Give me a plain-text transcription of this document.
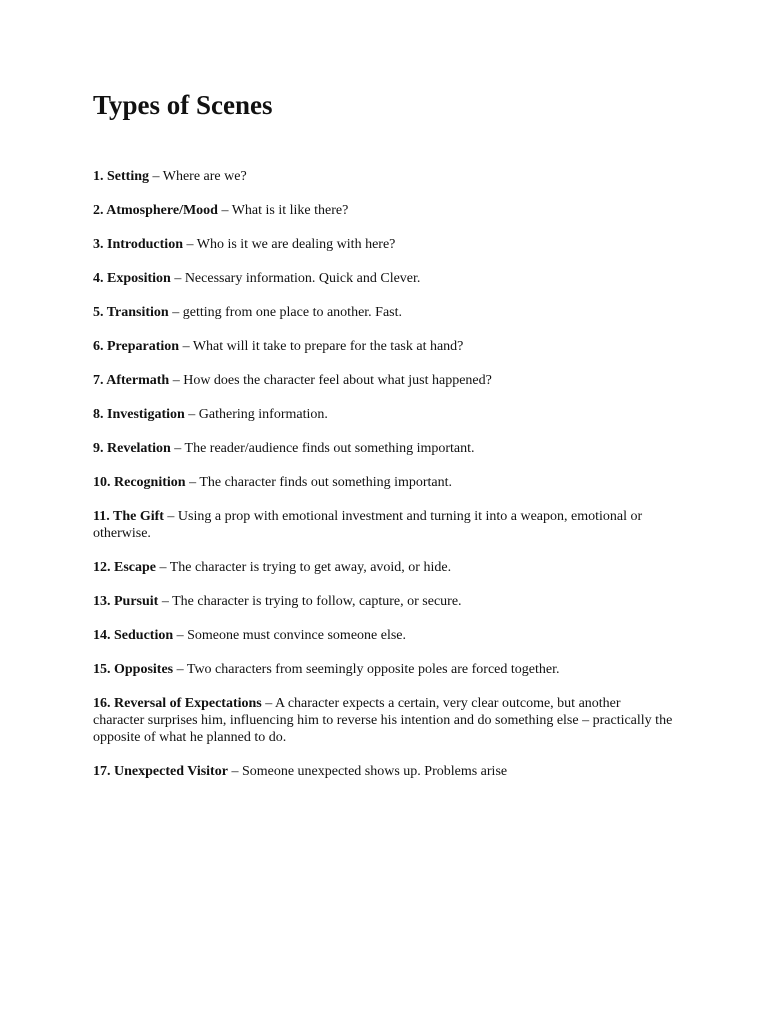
Types of Scenes
1. Setting – Where are we?
2. Atmosphere/Mood – What is it like there?
3. Introduction – Who is it we are dealing with here?
4. Exposition – Necessary information. Quick and Clever.
5. Transition – getting from one place to another. Fast.
6. Preparation – What will it take to prepare for the task at hand?
7. Aftermath – How does the character feel about what just happened?
8. Investigation – Gathering information.
9. Revelation – The reader/audience finds out something important.
10. Recognition – The character finds out something important.
11. The Gift – Using a prop with emotional investment and turning it into a weapon, emotional or otherwise.
12. Escape – The character is trying to get away, avoid, or hide.
13. Pursuit – The character is trying to follow, capture, or secure.
14. Seduction – Someone must convince someone else.
15. Opposites – Two characters from seemingly opposite poles are forced together.
16. Reversal of Expectations – A character expects a certain, very clear outcome, but another character surprises him, influencing him to reverse his intention and do something else – practically the opposite of what he planned to do.
17. Unexpected Visitor – Someone unexpected shows up. Problems arise
